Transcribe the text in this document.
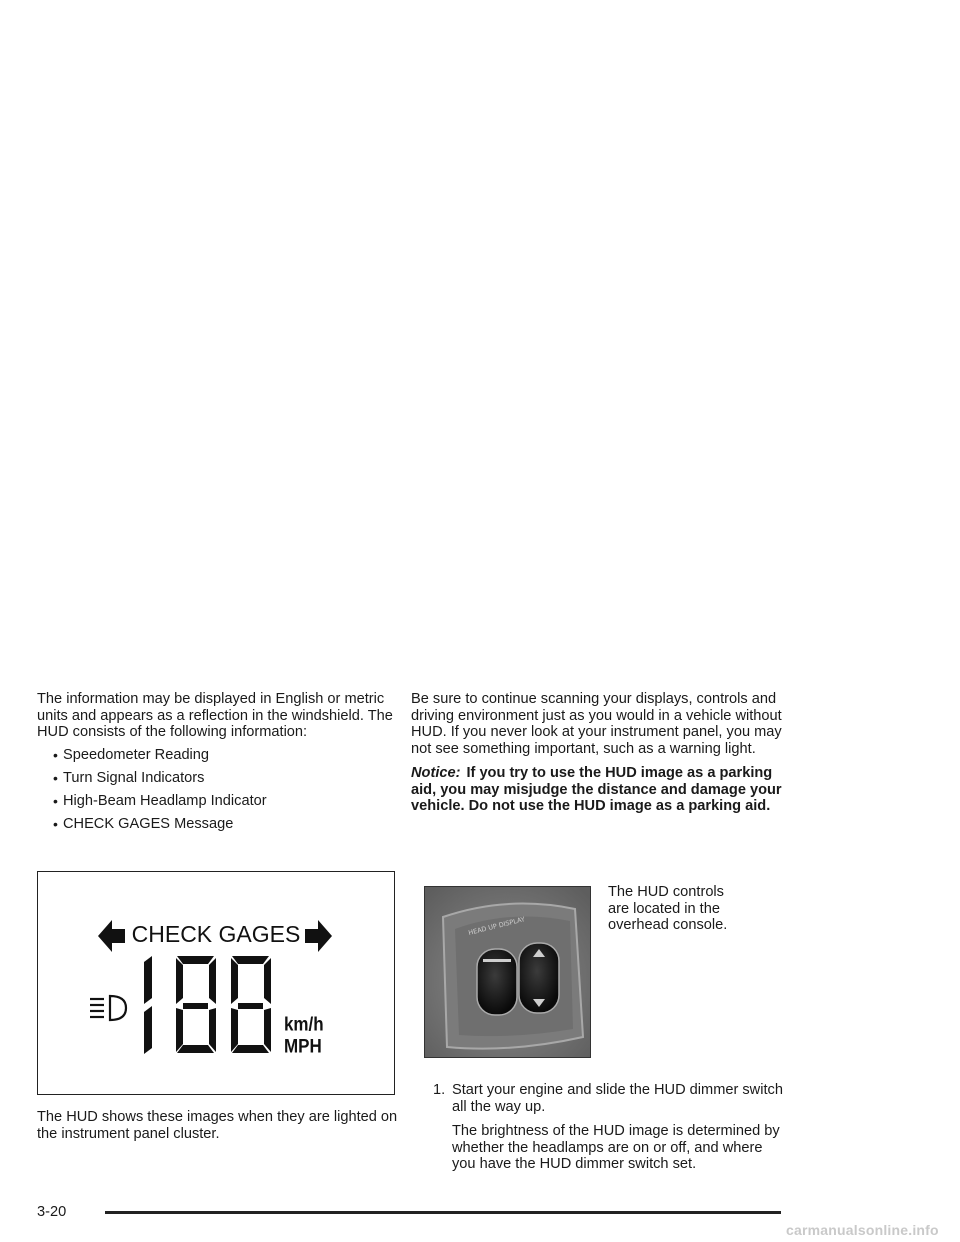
The information may be displayed in English or metric units and appears as a reflection in the windshield. The HUD consists of the following information:

• Speedometer Reading
• Turn Signal Indicators
• High-Beam Headlamp Indicator
• CHECK GAGES Message
CHECK GAGES
km/h
MPH

The HUD shows these images when they are lighted on the instrument panel cluster.

Be sure to continue scanning your displays, controls and driving environment just as you would in a vehicle without HUD. If you never look at your instrument panel, you may not see something important, such as a warning light.

Notice: If you try to use the HUD image as a parking aid, you may misjudge the distance and damage your vehicle. Do not use the HUD image as a parking aid.

HEAD UP DISPLAY

The HUD controls are located in the overhead console.

1. Start your engine and slide the HUD dimmer switch all the way up.

The brightness of the HUD image is determined by whether the headlamps are on or off, and where you have the HUD dimmer switch set.

3-20
carmanualsonline.info
